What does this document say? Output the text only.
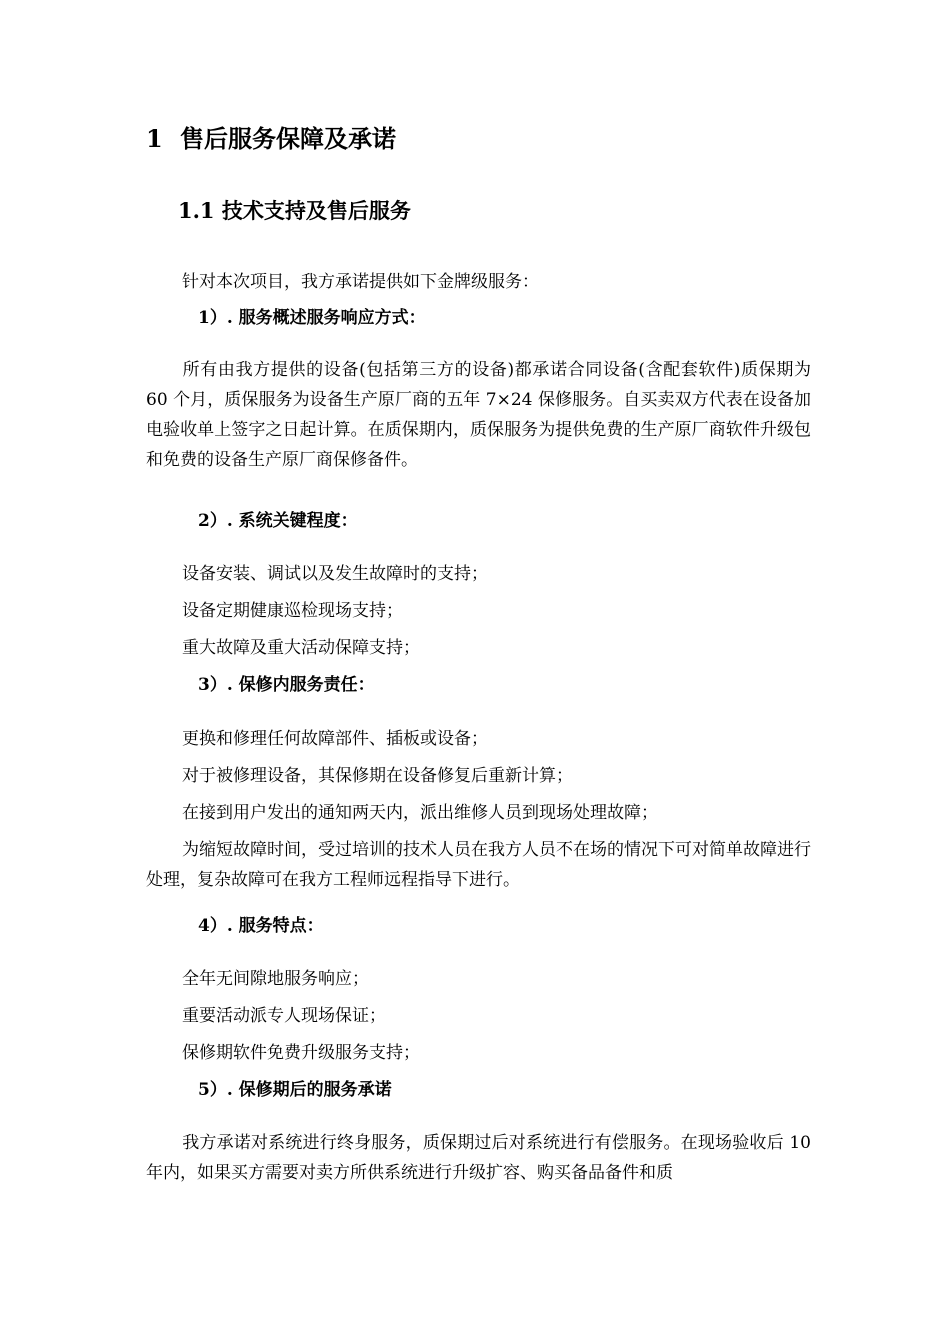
1 售后服务保障及承诺
1.1 技术支持及售后服务
针对本次项目，我方承诺提供如下金牌级服务：
1）. 服务概述服务响应方式：
所有由我方提供的设备(包括第三方的设备)都承诺合同设备(含配套软件)质保期为 60 个月，质保服务为设备生产原厂商的五年 7×24 保修服务。自买卖双方代表在设备加电验收单上签字之日起计算。在质保期内，质保服务为提供免费的生产原厂商软件升级包和免费的设备生产原厂商保修备件。
2）. 系统关键程度：
设备安装、调试以及发生故障时的支持；
设备定期健康巡检现场支持；
重大故障及重大活动保障支持；
3）. 保修内服务责任：
更换和修理任何故障部件、插板或设备；
对于被修理设备，其保修期在设备修复后重新计算；
在接到用户发出的通知两天内，派出维修人员到现场处理故障；
为缩短故障时间，受过培训的技术人员在我方人员不在场的情况下可对简单故障进行处理，复杂故障可在我方工程师远程指导下进行。
4）. 服务特点：
全年无间隙地服务响应；
重要活动派专人现场保证；
保修期软件免费升级服务支持；
5）. 保修期后的服务承诺
我方承诺对系统进行终身服务，质保期过后对系统进行有偿服务。在现场验收后 10 年内，如果买方需要对卖方所供系统进行升级扩容、购买备品备件和质
